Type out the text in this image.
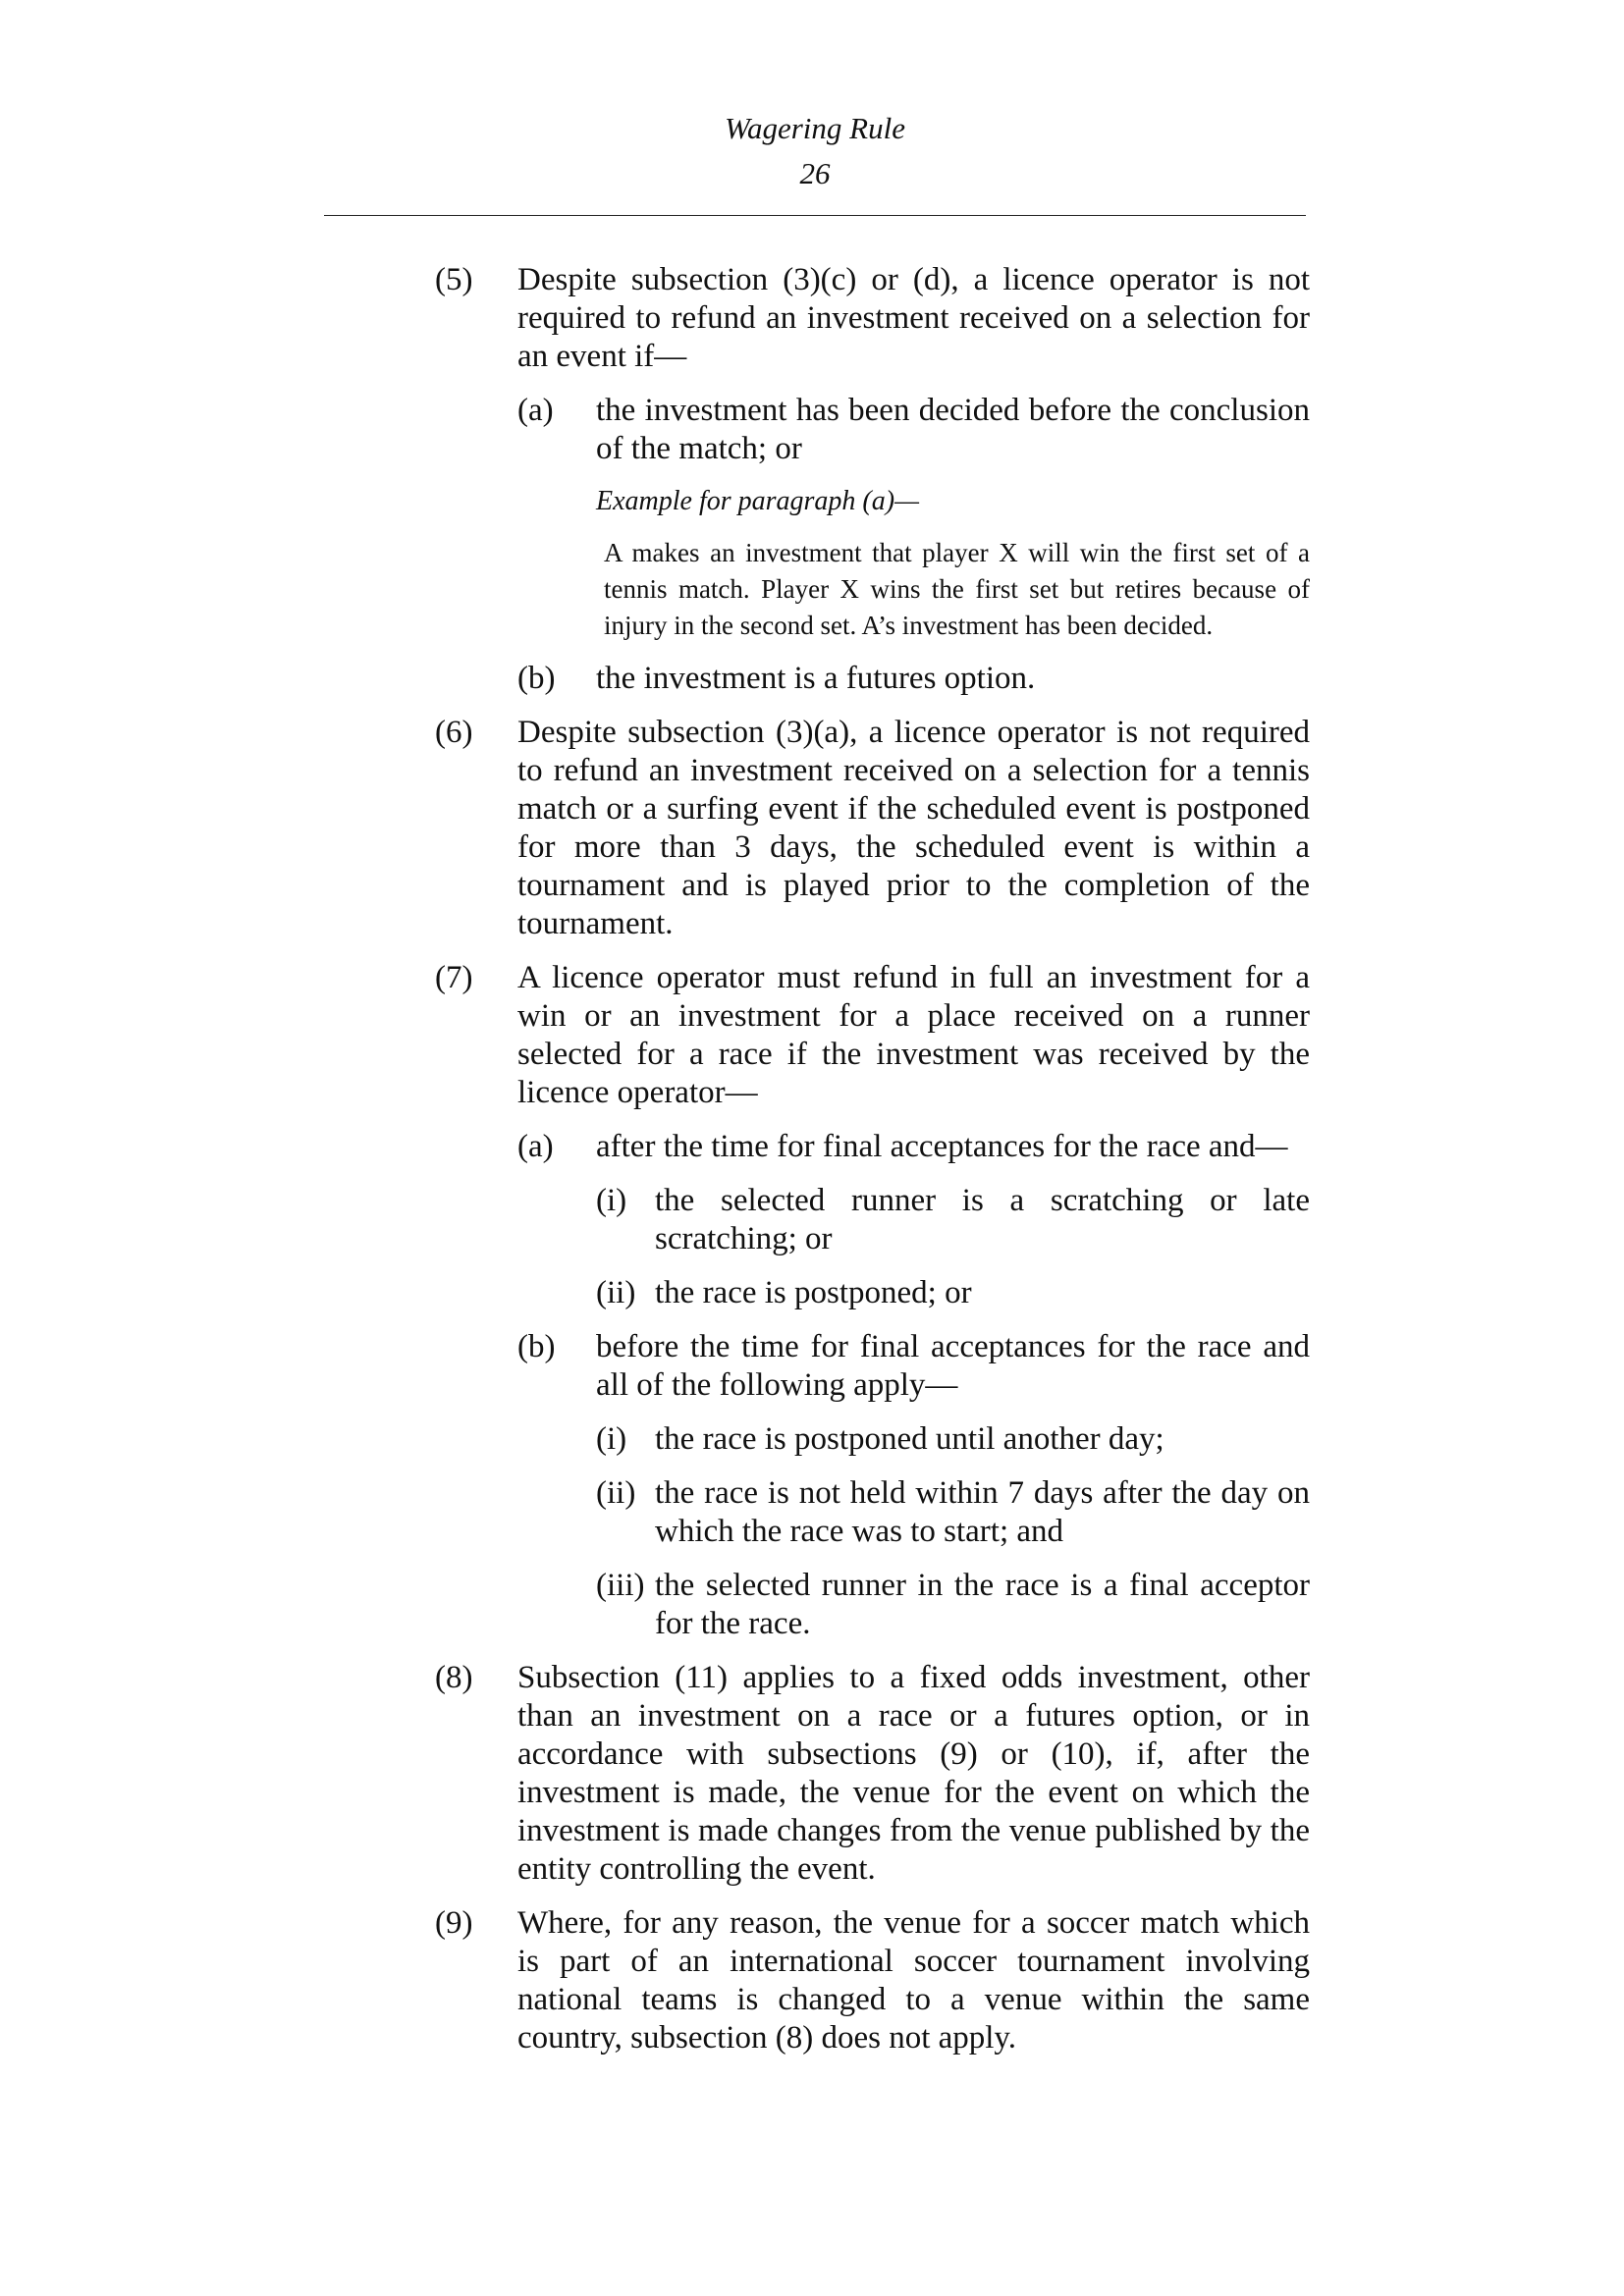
Wagering Rule
26
(5)	Despite subsection (3)(c) or (d), a licence operator is not required to refund an investment received on a selection for an event if—
(a)	the investment has been decided before the conclusion of the match; or
Example for paragraph (a)—
A makes an investment that player X will win the first set of a tennis match. Player X wins the first set but retires because of injury in the second set. A’s investment has been decided.
(b)	the investment is a futures option.
(6)	Despite subsection (3)(a), a licence operator is not required to refund an investment received on a selection for a tennis match or a surfing event if the scheduled event is postponed for more than 3 days, the scheduled event is within a tournament and is played prior to the completion of the tournament.
(7)	A licence operator must refund in full an investment for a win or an investment for a place received on a runner selected for a race if the investment was received by the licence operator—
(a)	after the time for final acceptances for the race and—
(i) the selected runner is a scratching or late scratching; or
(ii) the race is postponed; or
(b)	before the time for final acceptances for the race and all of the following apply—
(i) the race is postponed until another day;
(ii) the race is not held within 7 days after the day on which the race was to start; and
(iii) the selected runner in the race is a final acceptor for the race.
(8)	Subsection (11) applies to a fixed odds investment, other than an investment on a race or a futures option, or in accordance with subsections (9) or (10), if, after the investment is made, the venue for the event on which the investment is made changes from the venue published by the entity controlling the event.
(9)	Where, for any reason, the venue for a soccer match which is part of an international soccer tournament involving national teams is changed to a venue within the same country, subsection (8) does not apply.
